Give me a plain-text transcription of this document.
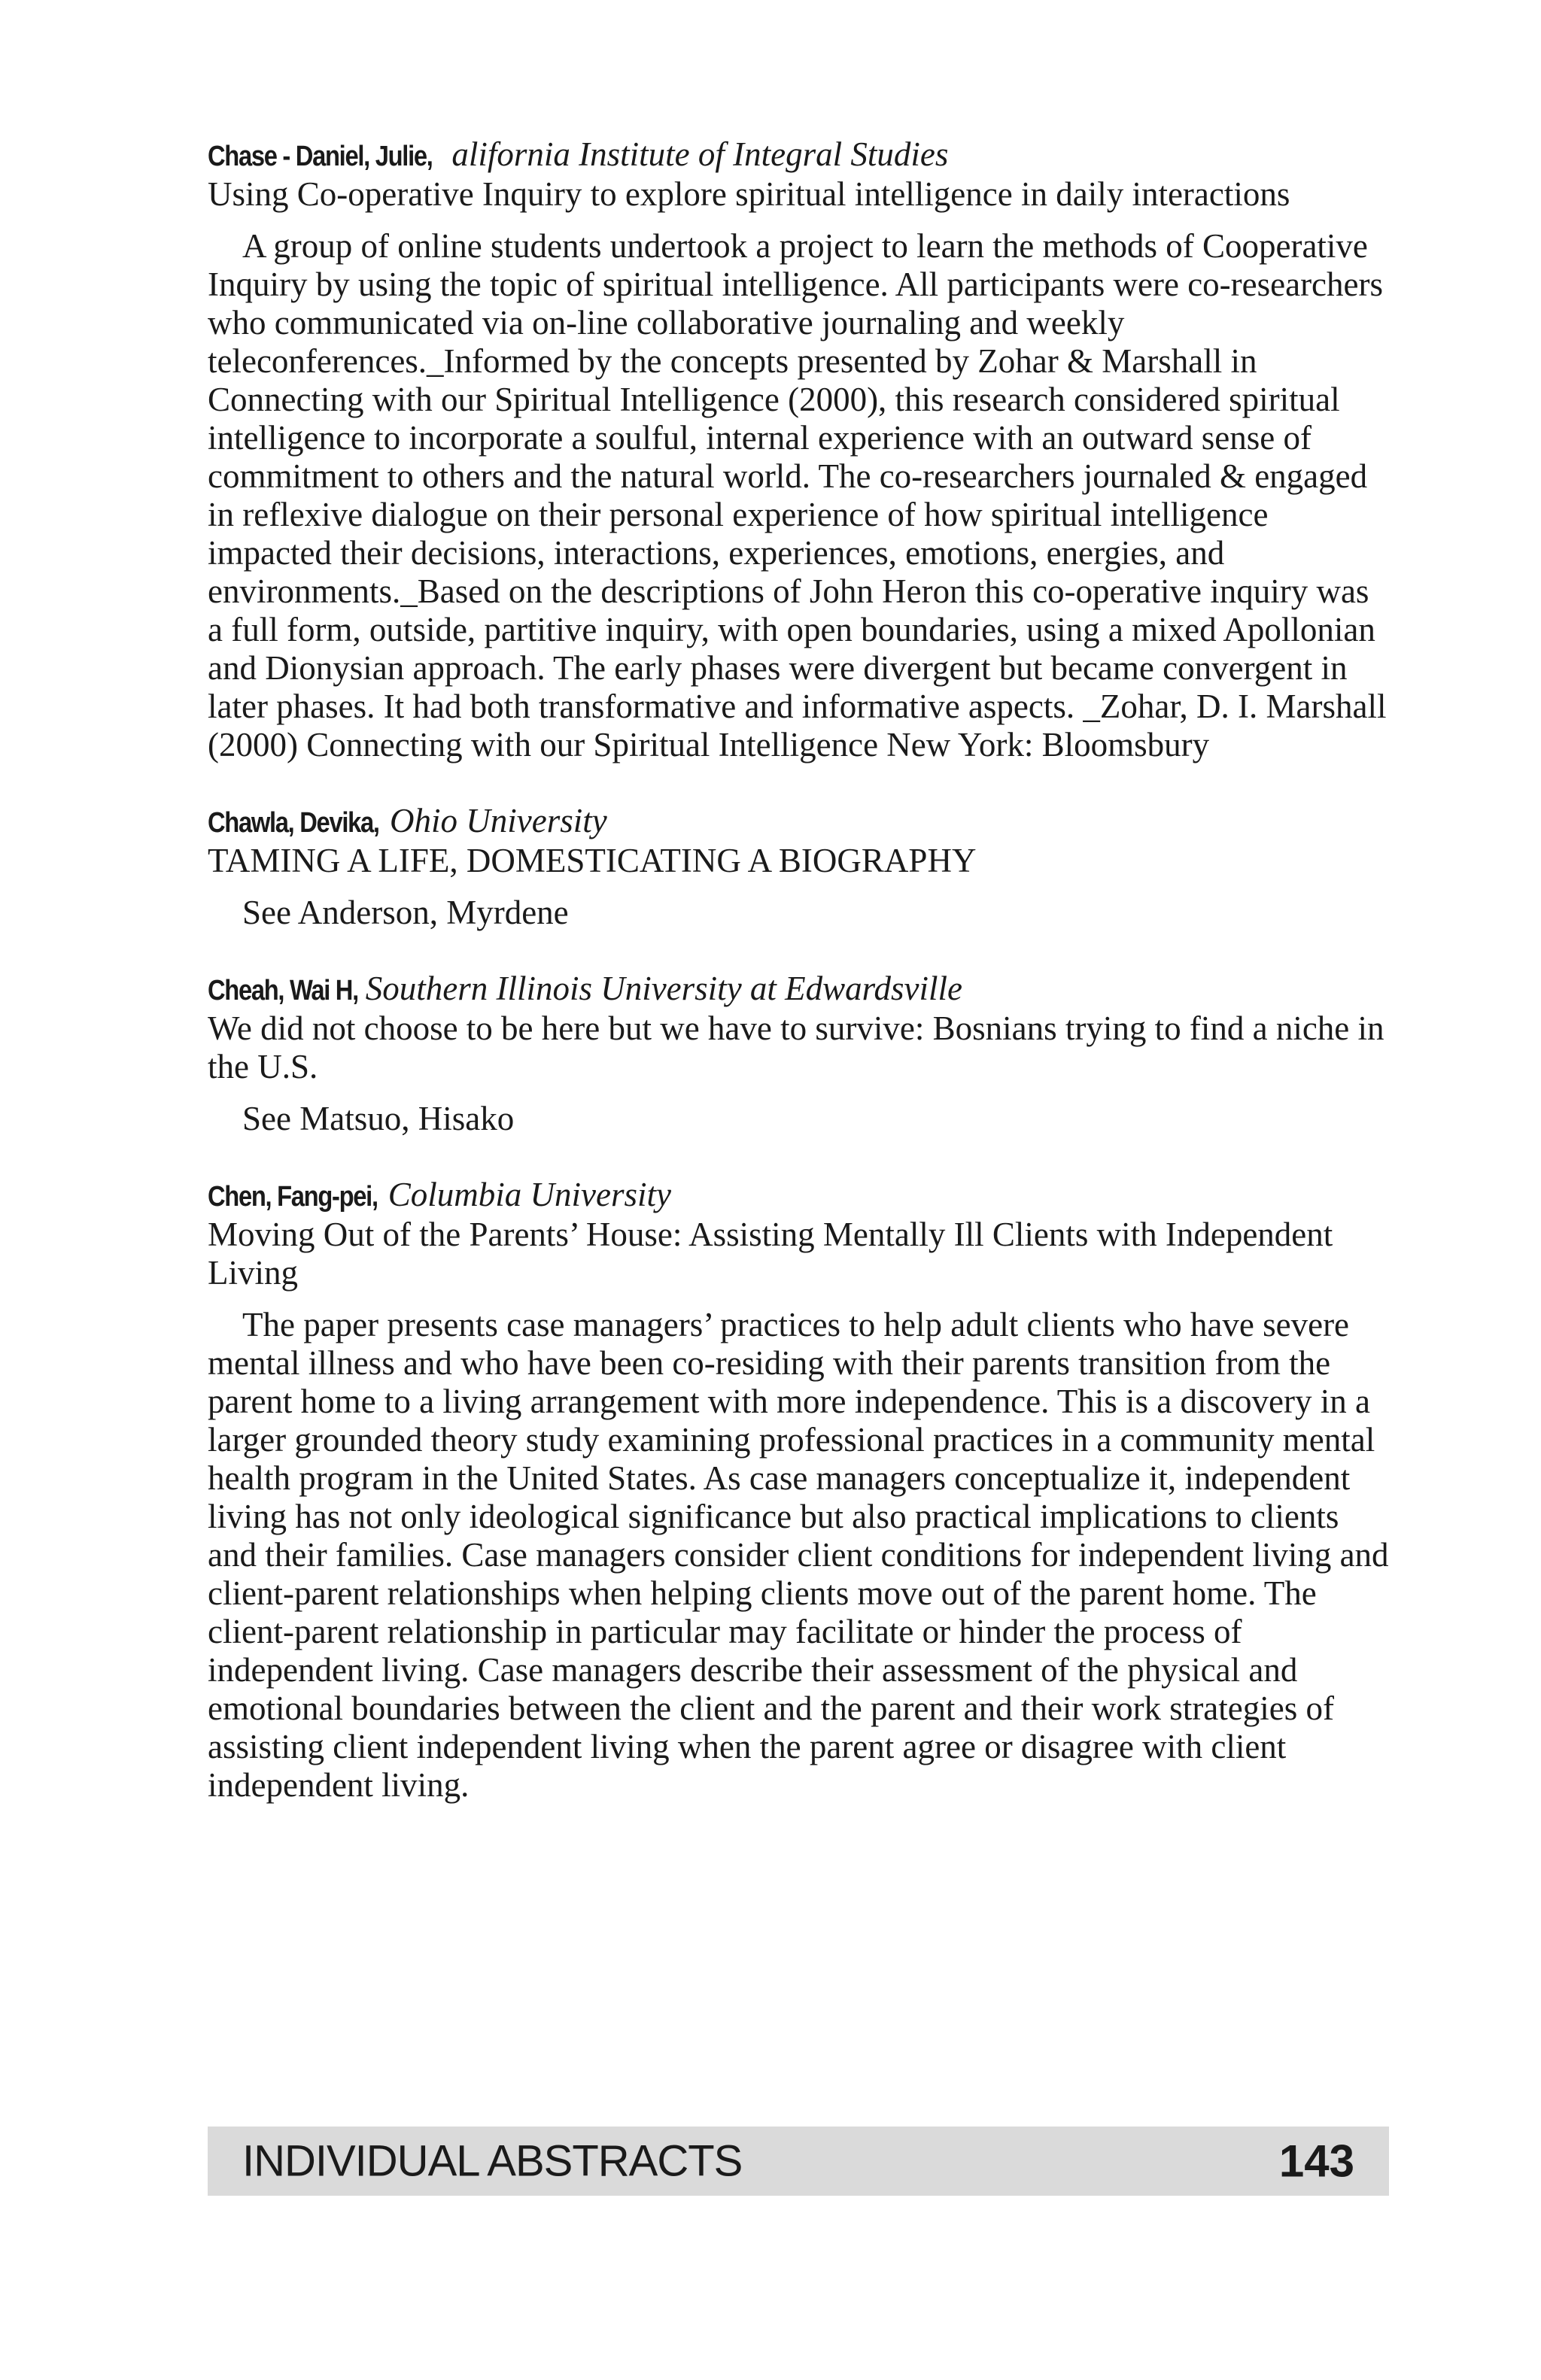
Chase - Daniel, Julie, alifornia Institute of Integral Studies
Using Co-operative Inquiry to explore spiritual intelligence in daily interactions
A group of online students undertook a project to learn the methods of Cooperative Inquiry by using the topic of spiritual intelligence. All participants were co-researchers who communicated via on-line collaborative journaling and weekly teleconferences._Informed by the concepts presented by Zohar & Marshall in Connecting with our Spiritual Intelligence (2000), this research considered spiritual intelligence to incorporate a soulful, internal experience with an outward sense of commitment to others and the natural world. The co-researchers journaled & engaged in reflexive dialogue on their personal experience of how spiritual intelligence impacted their decisions, interactions, experiences, emotions, energies, and environments._Based on the descriptions of John Heron this co-operative inquiry was a full form, outside, partitive inquiry, with open boundaries, using a mixed Apollonian and Dionysian approach. The early phases were divergent but became convergent in later phases. It had both transformative and informative aspects. _Zohar, D. I. Marshall (2000) Connecting with our Spiritual Intelligence New York: Bloomsbury
Chawla, Devika, Ohio University
TAMING A LIFE, DOMESTICATING A BIOGRAPHY
See Anderson, Myrdene
Cheah, Wai H, Southern Illinois University at Edwardsville
We did not choose to be here but we have to survive: Bosnians trying to find a niche in the U.S.
See Matsuo, Hisako
Chen, Fang-pei, Columbia University
Moving Out of the Parents’ House: Assisting Mentally Ill Clients with Independent Living
The paper presents case managers’ practices to help adult clients who have severe mental illness and who have been co-residing with their parents transition from the parent home to a living arrangement with more independence. This is a discovery in a larger grounded theory study examining professional practices in a community mental health program in the United States. As case managers conceptualize it, independent living has not only ideological significance but also practical implications to clients and their families. Case managers consider client conditions for independent living and client-parent relationships when helping clients move out of the parent home. The client-parent relationship in particular may facilitate or hinder the process of independent living. Case managers describe their assessment of the physical and emotional boundaries between the client and the parent and their work strategies of assisting client independent living when the parent agree or disagree with client independent living.
INDIVIDUAL ABSTRACTS	143
